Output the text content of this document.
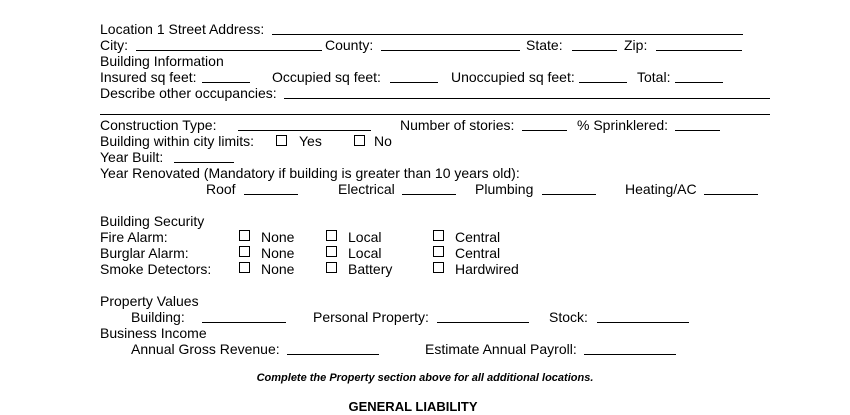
Location 1 Street Address:
City:	County:	State:	Zip:
Building Information
Insured sq feet:	Occupied sq feet:	Unoccupied sq feet:	Total:
Describe other occupancies:
Construction Type:	Number of stories:	% Sprinklered:
Building within city limits:	Yes	No
Year Built:
Year Renovated (Mandatory if building is greater than 10 years old):
Roof	Electrical	Plumbing	Heating/AC
Building Security
Fire Alarm:	None	Local	Central
Burglar Alarm:	None	Local	Central
Smoke Detectors:	None	Battery	Hardwired
Property Values
Building:	Personal Property:	Stock:
Business Income
Annual Gross Revenue:	Estimate Annual Payroll:
Complete the Property section above for all additional locations.
GENERAL LIABILITY
